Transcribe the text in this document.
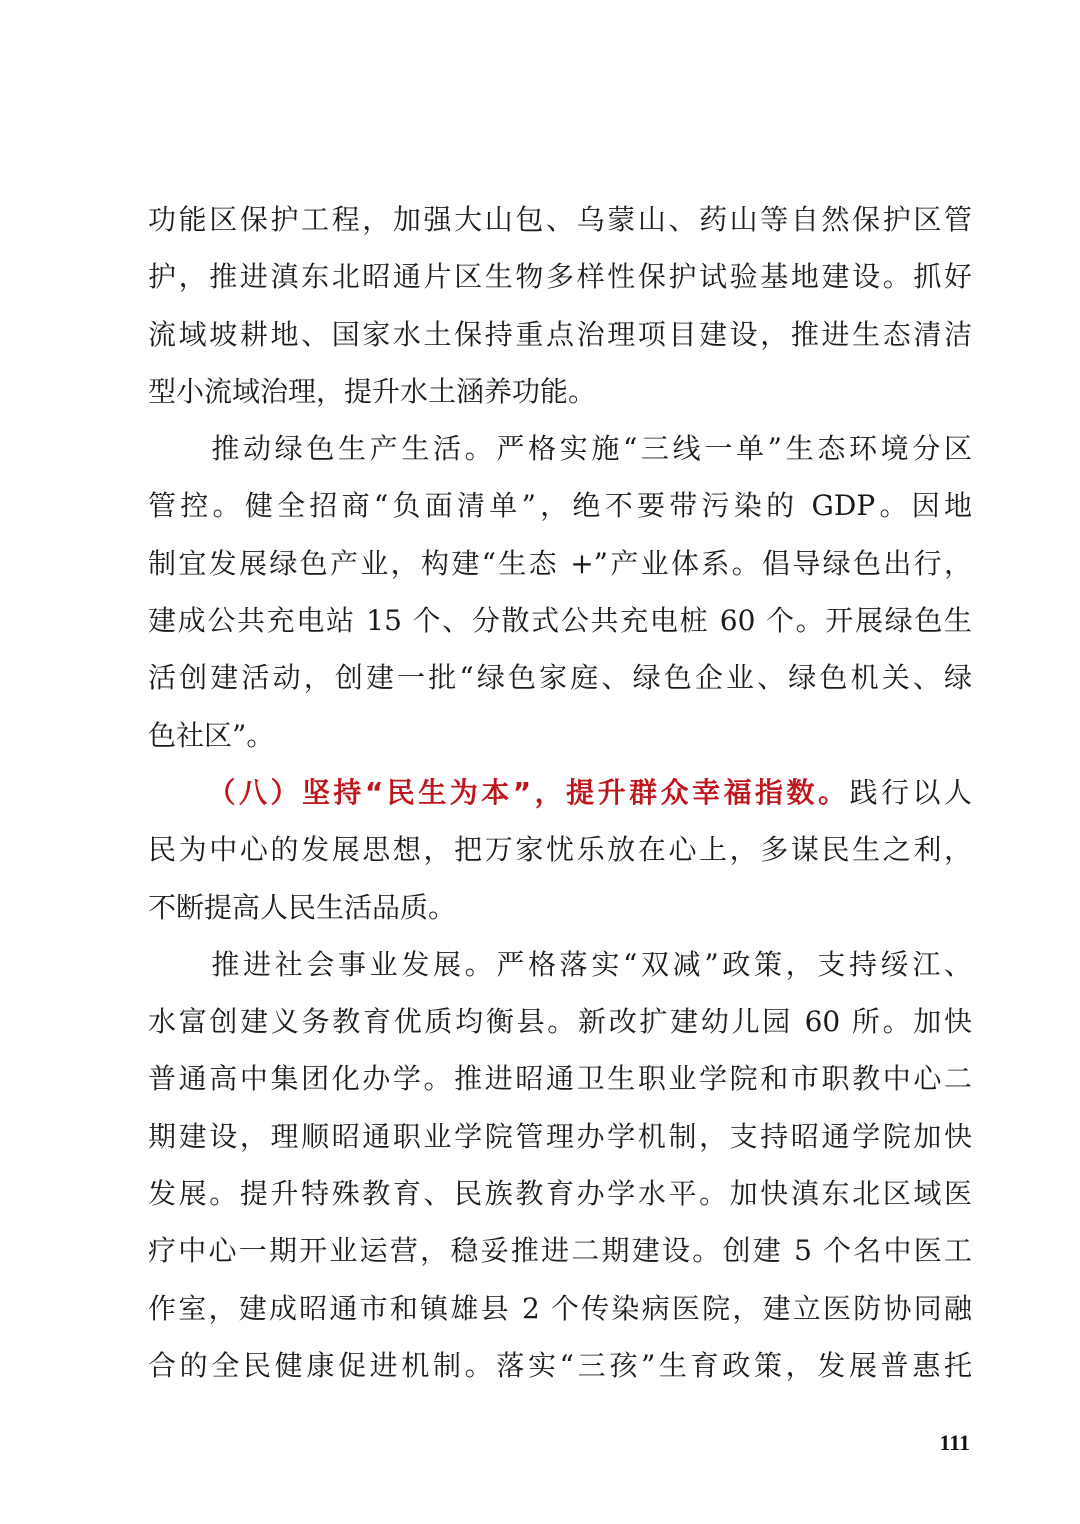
功能区保护工程，加强大山包、乌蒙山、药山等自然保护区管
护，推进滇东北昭通片区生物多样性保护试验基地建设。抓好
流域坡耕地、国家水土保持重点治理项目建设，推进生态清洁
型小流域治理，提升水土涵养功能。
　　推动绿色生产生活。严格实施“三线一单”生态环境分区
管控。健全招商“负面清单”，绝不要带污染的 GDP。因地
制宜发展绿色产业，构建“生态 +”产业体系。倡导绿色出行，
建成公共充电站 15 个、分散式公共充电桩 60 个。开展绿色生
活创建活动，创建一批“绿色家庭、绿色企业、绿色机关、绿
色社区”。
（八）坚持“民生为本”，提升群众幸福指数。践行以人
民为中心的发展思想，把万家忧乐放在心上，多谋民生之利，
不断提高人民生活品质。
　　推进社会事业发展。严格落实“双减”政策，支持绥江、
水富创建义务教育优质均衡县。新改扩建幼儿园 60 所。加快
普通高中集团化办学。推进昭通卫生职业学院和市职教中心二
期建设，理顺昭通职业学院管理办学机制，支持昭通学院加快
发展。提升特殊教育、民族教育办学水平。加快滇东北区域医
疗中心一期开业运营，稳妥推进二期建设。创建 5 个名中医工
作室，建成昭通市和镇雄县 2 个传染病医院，建立医防协同融
合的全民健康促进机制。落实“三孩”生育政策，发展普惠托
111
